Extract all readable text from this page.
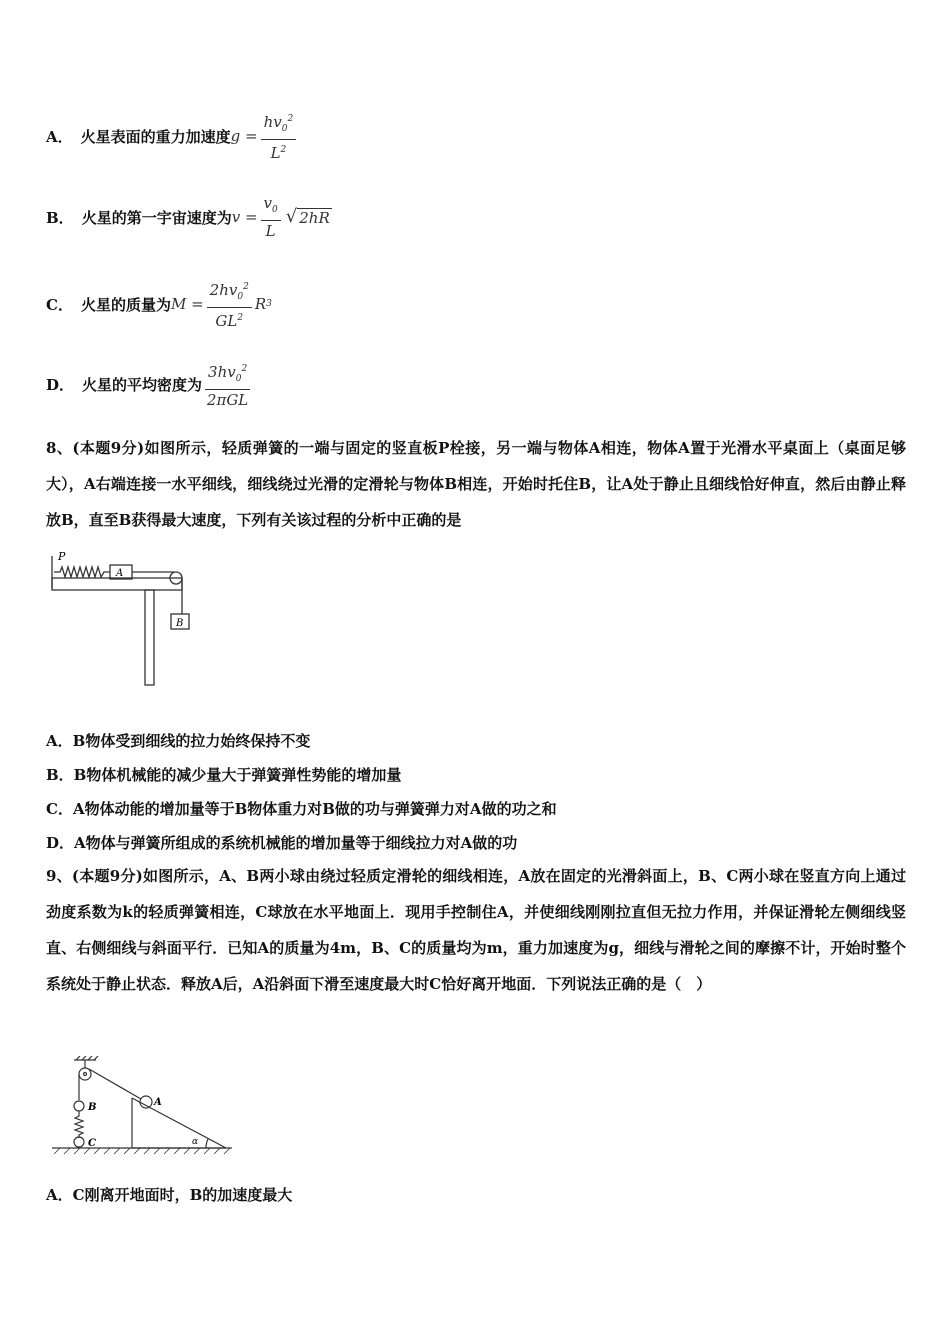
A． 火星表面的重力加速度 $g = \frac{hv_0^2}{L^2}$
B． 火星的第一宇宙速度为 $v = \frac{v_0}{L}$ √ 2hR
C． 火星的质量为 $M = \frac{2hv_0^2}{GL^2}$ R 3
D． 火星的平均密度为 $\frac{3hv_0^2}{\text{2πGL}}$
8、(本题9分)如图所示，轻质弹簧的一端与固定的竖直板P栓接，另一端与物体A相连，物体A置于光滑水平桌面上（桌面足够大），A右端连接一水平细线，细线绕过光滑的定滑轮与物体B相连，开始时托住B，让A处于静止且细线恰好伸直，然后由静止释放B，直至B获得最大速度，下列有关该过程的分析中正确的是
P
A
B
A．B物体受到细线的拉力始终保持不变
B．B物体机械能的减少量大于弹簧弹性势能的增加量
C．A物体动能的增加量等于B物体重力对B做的功与弹簧弹力对A做的功之和
D．A物体与弹簧所组成的系统机械能的增加量等于细线拉力对A做的功
9、(本题9分)如图所示，A、B两小球由绕过轻质定滑轮的细线相连，A放在固定的光滑斜面上，B、C两小球在竖直方向上通过劲度系数为k的轻质弹簧相连，C球放在水平地面上．现用手控制住A，并使细线刚刚拉直但无拉力作用，并保证滑轮左侧细线竖直、右侧细线与斜面平行．已知A的质量为4m，B、C的质量均为m，重力加速度为g，细线与滑轮之间的摩擦不计，开始时整个系统处于静止状态．释放A后，A沿斜面下滑至速度最大时C恰好离开地面．下列说法正确的是（　）
B
C
A
α
A．C刚离开地面时，B的加速度最大
